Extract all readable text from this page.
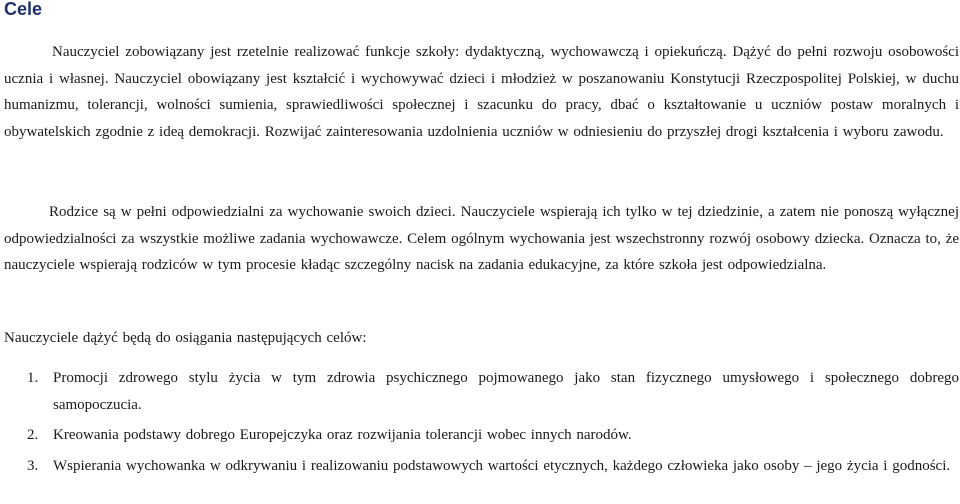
Cele

Nauczyciel zobowiązany jest rzetelnie realizować funkcje szkoły: dydaktyczną, wychowawczą i opiekuńczą. Dążyć do pełni rozwoju osobowości ucznia i własnej. Nauczyciel obowiązany jest kształcić i wychowywać dzieci i młodzież w poszanowaniu Konstytucji Rzeczpospolitej Polskiej, w duchu humanizmu, tolerancji, wolności sumienia, sprawiedliwości społecznej i szacunku do pracy, dbać o kształtowanie u uczniów postaw moralnych i obywatelskich zgodnie z ideą demokracji. Rozwijać zainteresowania uzdolnienia uczniów w odniesieniu do przyszłej drogi kształcenia i wyboru zawodu.

Rodzice są w pełni odpowiedzialni za wychowanie swoich dzieci. Nauczyciele wspierają ich tylko w tej dziedzinie, a zatem nie ponoszą wyłącznej odpowiedzialności za wszystkie możliwe zadania wychowawcze. Celem ogólnym wychowania jest wszechstronny rozwój osobowy dziecka. Oznacza to, że nauczyciele wspierają rodziców w tym procesie kładąc szczególny nacisk na zadania edukacyjne, za które szkoła jest odpowiedzialna.

Nauczyciele dążyć będą do osiągania następujących celów:

1. Promocji zdrowego stylu życia w tym zdrowia psychicznego pojmowanego jako stan fizycznego umysłowego i społecznego dobrego samopoczucia.
2. Kreowania podstawy dobrego Europejczyka oraz rozwijania tolerancji wobec innych narodów.
3. Wspierania wychowanka w odkrywaniu i realizowaniu podstawowych wartości etycznych, każdego człowieka jako osoby – jego życia i godności.
